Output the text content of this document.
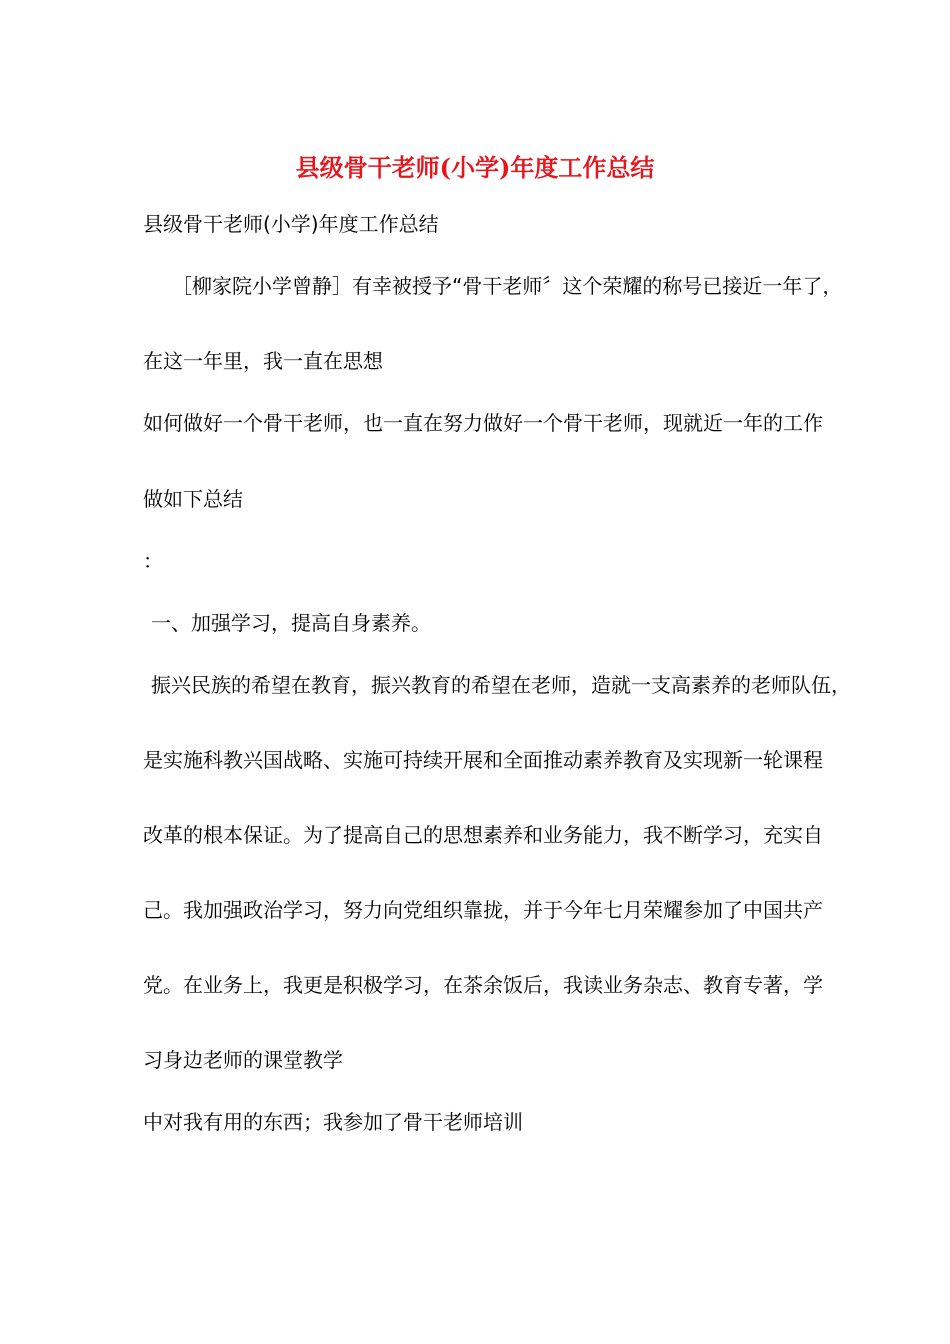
县级骨干老师(小学)年度工作总结

县级骨干老师(小学)年度工作总结

［柳家院小学曾静］有幸被授予“骨干老师〞这个荣耀的称号已接近一年了，

在这一年里，我一直在思想

如何做好一个骨干老师，也一直在努力做好一个骨干老师，现就近一年的工作

做如下总结

：

一、加强学习，提高自身素养。

振兴民族的希望在教育，振兴教育的希望在老师，造就一支高素养的老师队伍，

是实施科教兴国战略、实施可持续开展和全面推动素养教育及实现新一轮课程

改革的根本保证。为了提高自己的思想素养和业务能力，我不断学习，充实自

己。我加强政治学习，努力向党组织靠拢，并于今年七月荣耀参加了中国共产

党。在业务上，我更是积极学习，在茶余饭后，我读业务杂志、教育专著，学

习身边老师的课堂教学

中对我有用的东西；我参加了骨干老师培训
